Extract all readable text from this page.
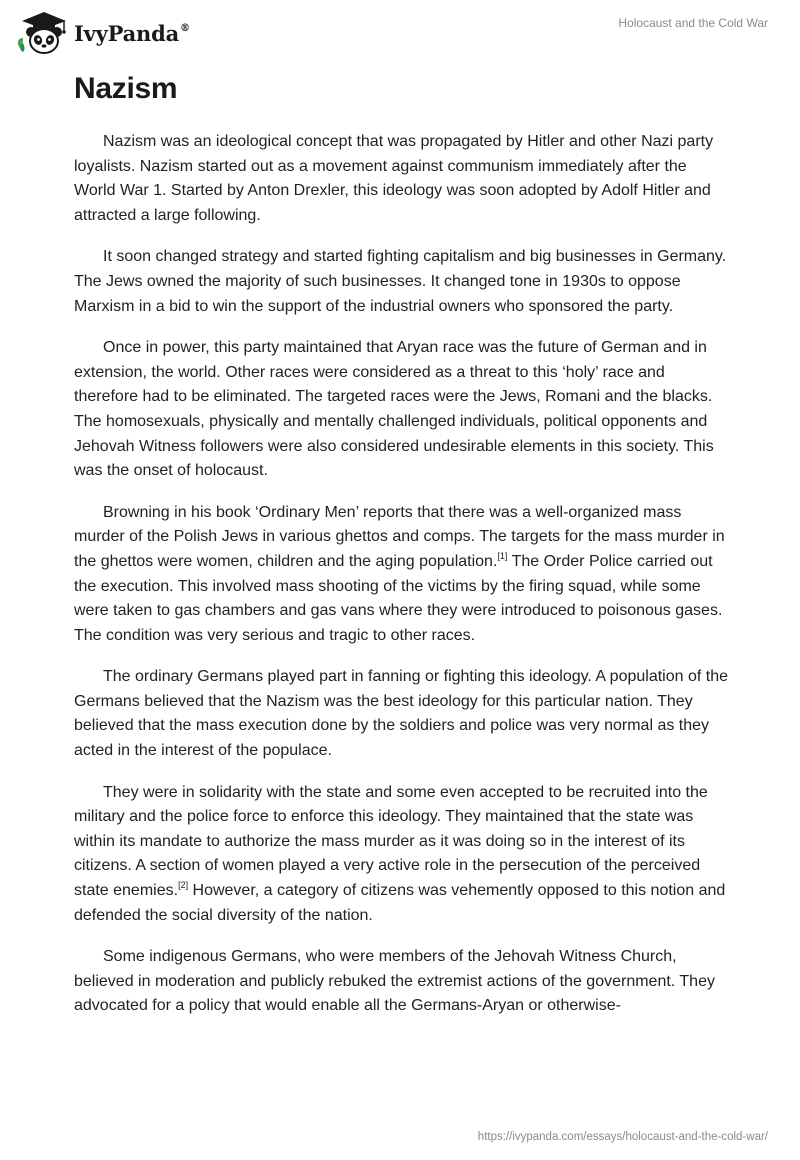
IvyPanda®	Holocaust and the Cold War
Nazism

Nazism was an ideological concept that was propagated by Hitler and other Nazi party loyalists. Nazism started out as a movement against communism immediately after the World War 1. Started by Anton Drexler, this ideology was soon adopted by Adolf Hitler and attracted a large following.

It soon changed strategy and started fighting capitalism and big businesses in Germany. The Jews owned the majority of such businesses. It changed tone in 1930s to oppose Marxism in a bid to win the support of the industrial owners who sponsored the party.

Once in power, this party maintained that Aryan race was the future of German and in extension, the world. Other races were considered as a threat to this ‘holy’ race and therefore had to be eliminated. The targeted races were the Jews, Romani and the blacks. The homosexuals, physically and mentally challenged individuals, political opponents and Jehovah Witness followers were also considered undesirable elements in this society. This was the onset of holocaust.

Browning in his book ‘Ordinary Men’ reports that there was a well-organized mass murder of the Polish Jews in various ghettos and comps. The targets for the mass murder in the ghettos were women, children and the aging population.[1] The Order Police carried out the execution. This involved mass shooting of the victims by the firing squad, while some were taken to gas chambers and gas vans where they were introduced to poisonous gases. The condition was very serious and tragic to other races.

The ordinary Germans played part in fanning or fighting this ideology. A population of the Germans believed that the Nazism was the best ideology for this particular nation. They believed that the mass execution done by the soldiers and police was very normal as they acted in the interest of the populace.

They were in solidarity with the state and some even accepted to be recruited into the military and the police force to enforce this ideology. They maintained that the state was within its mandate to authorize the mass murder as it was doing so in the interest of its citizens. A section of women played a very active role in the persecution of the perceived state enemies.[2] However, a category of citizens was vehemently opposed to this notion and defended the social diversity of the nation.

Some indigenous Germans, who were members of the Jehovah Witness Church, believed in moderation and publicly rebuked the extremist actions of the government. They advocated for a policy that would enable all the Germans-Aryan or otherwise-

https://ivypanda.com/essays/holocaust-and-the-cold-war/
